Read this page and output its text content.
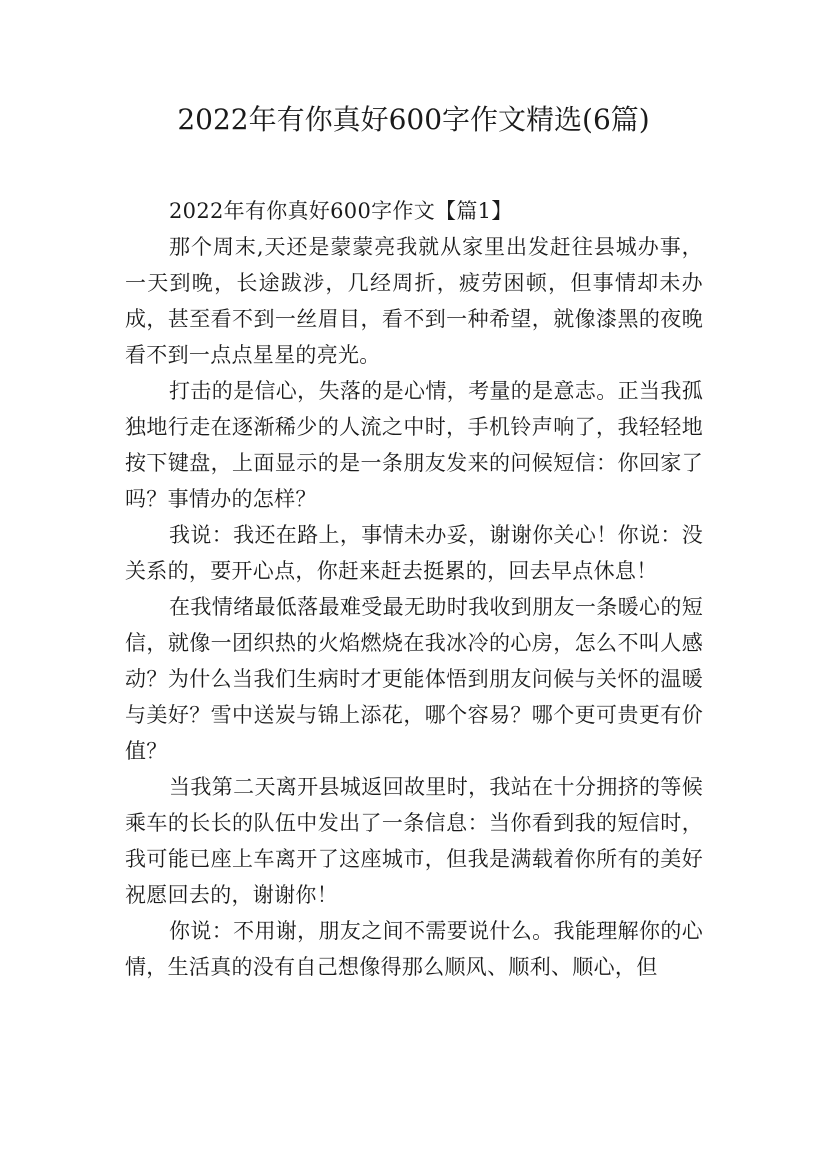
2022年有你真好600字作文精选(6篇)

2022年有你真好600字作文【篇1】

那个周末,天还是蒙蒙亮我就从家里出发赶往县城办事，一天到晚，长途跋涉，几经周折，疲劳困顿，但事情却未办成，甚至看不到一丝眉目，看不到一种希望，就像漆黑的夜晚看不到一点点星星的亮光。

打击的是信心，失落的是心情，考量的是意志。正当我孤独地行走在逐渐稀少的人流之中时，手机铃声响了，我轻轻地按下键盘，上面显示的是一条朋友发来的问候短信：你回家了吗？事情办的怎样？

我说：我还在路上，事情未办妥，谢谢你关心！你说：没关系的，要开心点，你赶来赶去挺累的，回去早点休息！

在我情绪最低落最难受最无助时我收到朋友一条暖心的短信，就像一团织热的火焰燃烧在我冰冷的心房，怎么不叫人感动？为什么当我们生病时才更能体悟到朋友问候与关怀的温暖与美好？雪中送炭与锦上添花，哪个容易？哪个更可贵更有价值？

当我第二天离开县城返回故里时，我站在十分拥挤的等候乘车的长长的队伍中发出了一条信息：当你看到我的短信时，我可能已座上车离开了这座城市，但我是满载着你所有的美好祝愿回去的，谢谢你！

你说：不用谢，朋友之间不需要说什么。我能理解你的心情，生活真的没有自己想像得那么顺风、顺利、顺心，但
